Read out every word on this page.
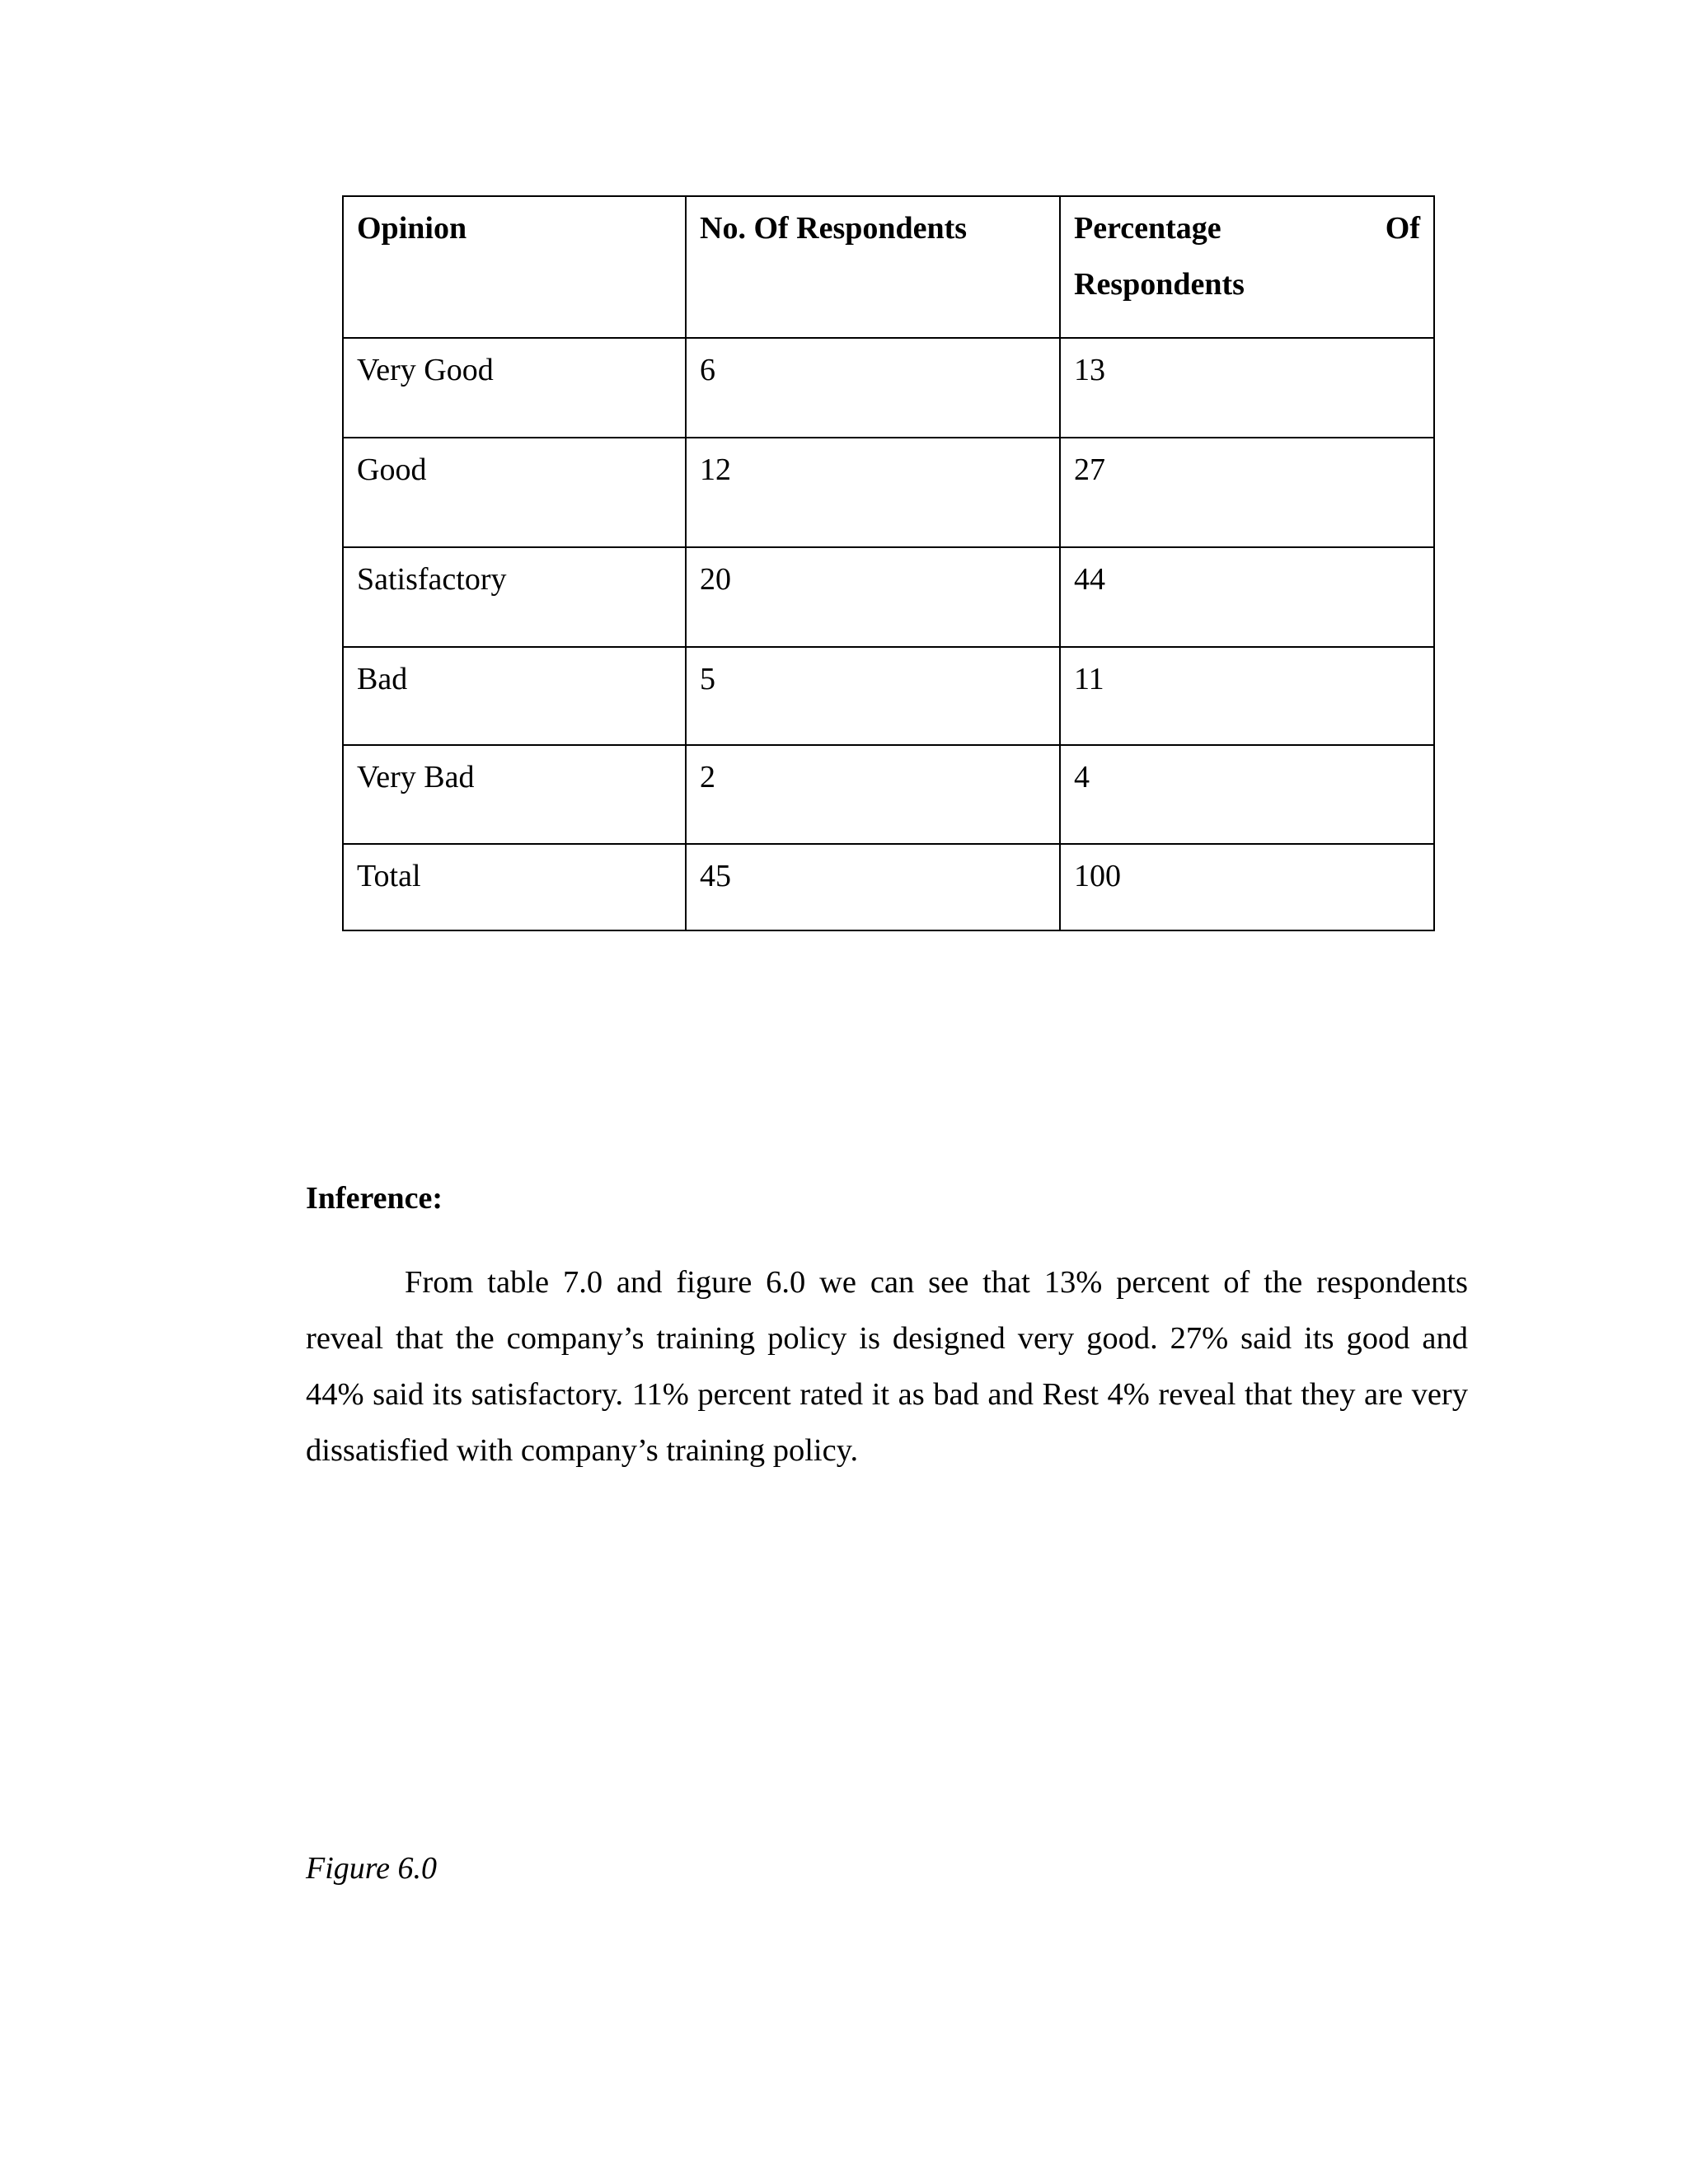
Opinion	No. Of Respondents	Percentage Of
Respondents

Very Good	6	13
Good	12	27
Satisfactory	20	44
Bad	5	11
Very Bad	2	4
Total	45	100

Inference:

From table 7.0 and figure 6.0 we can see that 13% percent of the respondents reveal that the company’s training policy is designed very good. 27% said its good and 44% said its satisfactory. 11% percent rated it as bad and Rest 4% reveal that they are very dissatisfied with company’s training policy.

Figure 6.0
